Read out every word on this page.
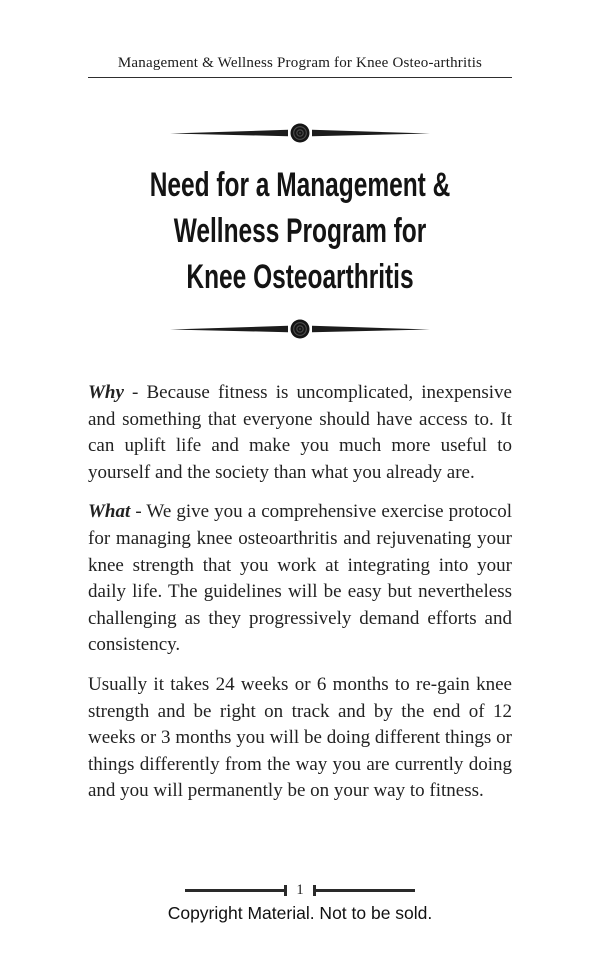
Management & Wellness Program for Knee Osteo-arthritis
Need for a Management &
Wellness Program for
Knee Osteoarthritis

Why - Because fitness is uncomplicated, inexpensive and something that everyone should have access to. It can uplift life and make you much more useful to yourself and the society than what you already are.

What - We give you a comprehensive exercise protocol for managing knee osteoarthritis and rejuvenating your knee strength that you work at integrating into your daily life. The guidelines will be easy but nevertheless challenging as they progressively demand efforts and consistency.

Usually it takes 24 weeks or 6 months to re-gain knee strength and be right on track and by the end of 12 weeks or 3 months you will be doing different things or things differently from the way you are currently doing and you will permanently be on your way to fitness.

1
Copyright Material. Not to be sold.
